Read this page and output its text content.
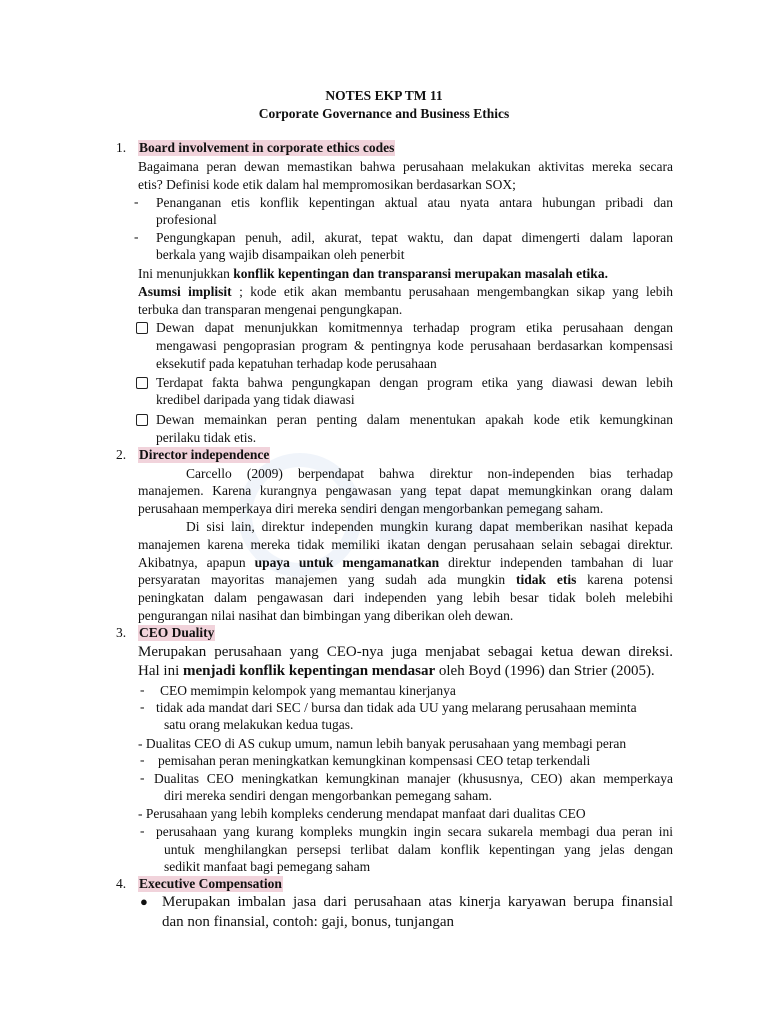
NOTES EKP TM 11
Corporate Governance and Business Ethics
1. Board involvement in corporate ethics codes
Bagaimana peran dewan memastikan bahwa perusahaan melakukan aktivitas mereka secara
etis? Definisi kode etik dalam hal mempromosikan berdasarkan SOX;
- Penanganan etis konflik kepentingan aktual atau nyata antara hubungan pribadi dan
profesional
- Pengungkapan penuh, adil, akurat, tepat waktu, dan dapat dimengerti dalam laporan
berkala yang wajib disampaikan oleh penerbit
Ini menunjukkan konflik kepentingan dan transparansi merupakan masalah etika.
Asumsi implisit ; kode etik akan membantu perusahaan mengembangkan sikap yang lebih
terbuka dan transparan mengenai pengungkapan.
Dewan dapat menunjukkan komitmennya terhadap program etika perusahaan dengan
mengawasi pengoprasian program & pentingnya kode perusahaan berdasarkan kompensasi
eksekutif pada kepatuhan terhadap kode perusahaan
Terdapat fakta bahwa pengungkapan dengan program etika yang diawasi dewan lebih
kredibel daripada yang tidak diawasi
Dewan memainkan peran penting dalam menentukan apakah kode etik kemungkinan
perilaku tidak etis.
2. Director independence
Carcello (2009) berpendapat bahwa direktur non-independen bias terhadap
manajemen. Karena kurangnya pengawasan yang tepat dapat memungkinkan orang dalam
perusahaan memperkaya diri mereka sendiri dengan mengorbankan pemegang saham.
Di sisi lain, direktur independen mungkin kurang dapat memberikan nasihat kepada
manajemen karena mereka tidak memiliki ikatan dengan perusahaan selain sebagai direktur.
Akibatnya, apapun upaya untuk mengamanatkan direktur independen tambahan di luar
persyaratan mayoritas manajemen yang sudah ada mungkin tidak etis karena potensi
peningkatan dalam pengawasan dari independen yang lebih besar tidak boleh melebihi
pengurangan nilai nasihat dan bimbingan yang diberikan oleh dewan.
3. CEO Duality
Merupakan perusahaan yang CEO-nya juga menjabat sebagai ketua dewan direksi.
Hal ini menjadi konflik kepentingan mendasar oleh Boyd (1996) dan Strier (2005).
- CEO memimpin kelompok yang memantau kinerjanya
- tidak ada mandat dari SEC / bursa dan tidak ada UU yang melarang perusahaan meminta
satu orang melakukan kedua tugas.
- Dualitas CEO di AS cukup umum, namun lebih banyak perusahaan yang membagi peran
- pemisahan peran meningkatkan kemungkinan kompensasi CEO tetap terkendali
- Dualitas CEO meningkatkan kemungkinan manajer (khususnya, CEO) akan memperkaya
diri mereka sendiri dengan mengorbankan pemegang saham.
- Perusahaan yang lebih kompleks cenderung mendapat manfaat dari dualitas CEO
- perusahaan yang kurang kompleks mungkin ingin secara sukarela membagi dua peran ini
untuk menghilangkan persepsi terlibat dalam konflik kepentingan yang jelas dengan
sedikit manfaat bagi pemegang saham
4. Executive Compensation
● Merupakan imbalan jasa dari perusahaan atas kinerja karyawan berupa finansial
dan non finansial, contoh: gaji, bonus, tunjangan
